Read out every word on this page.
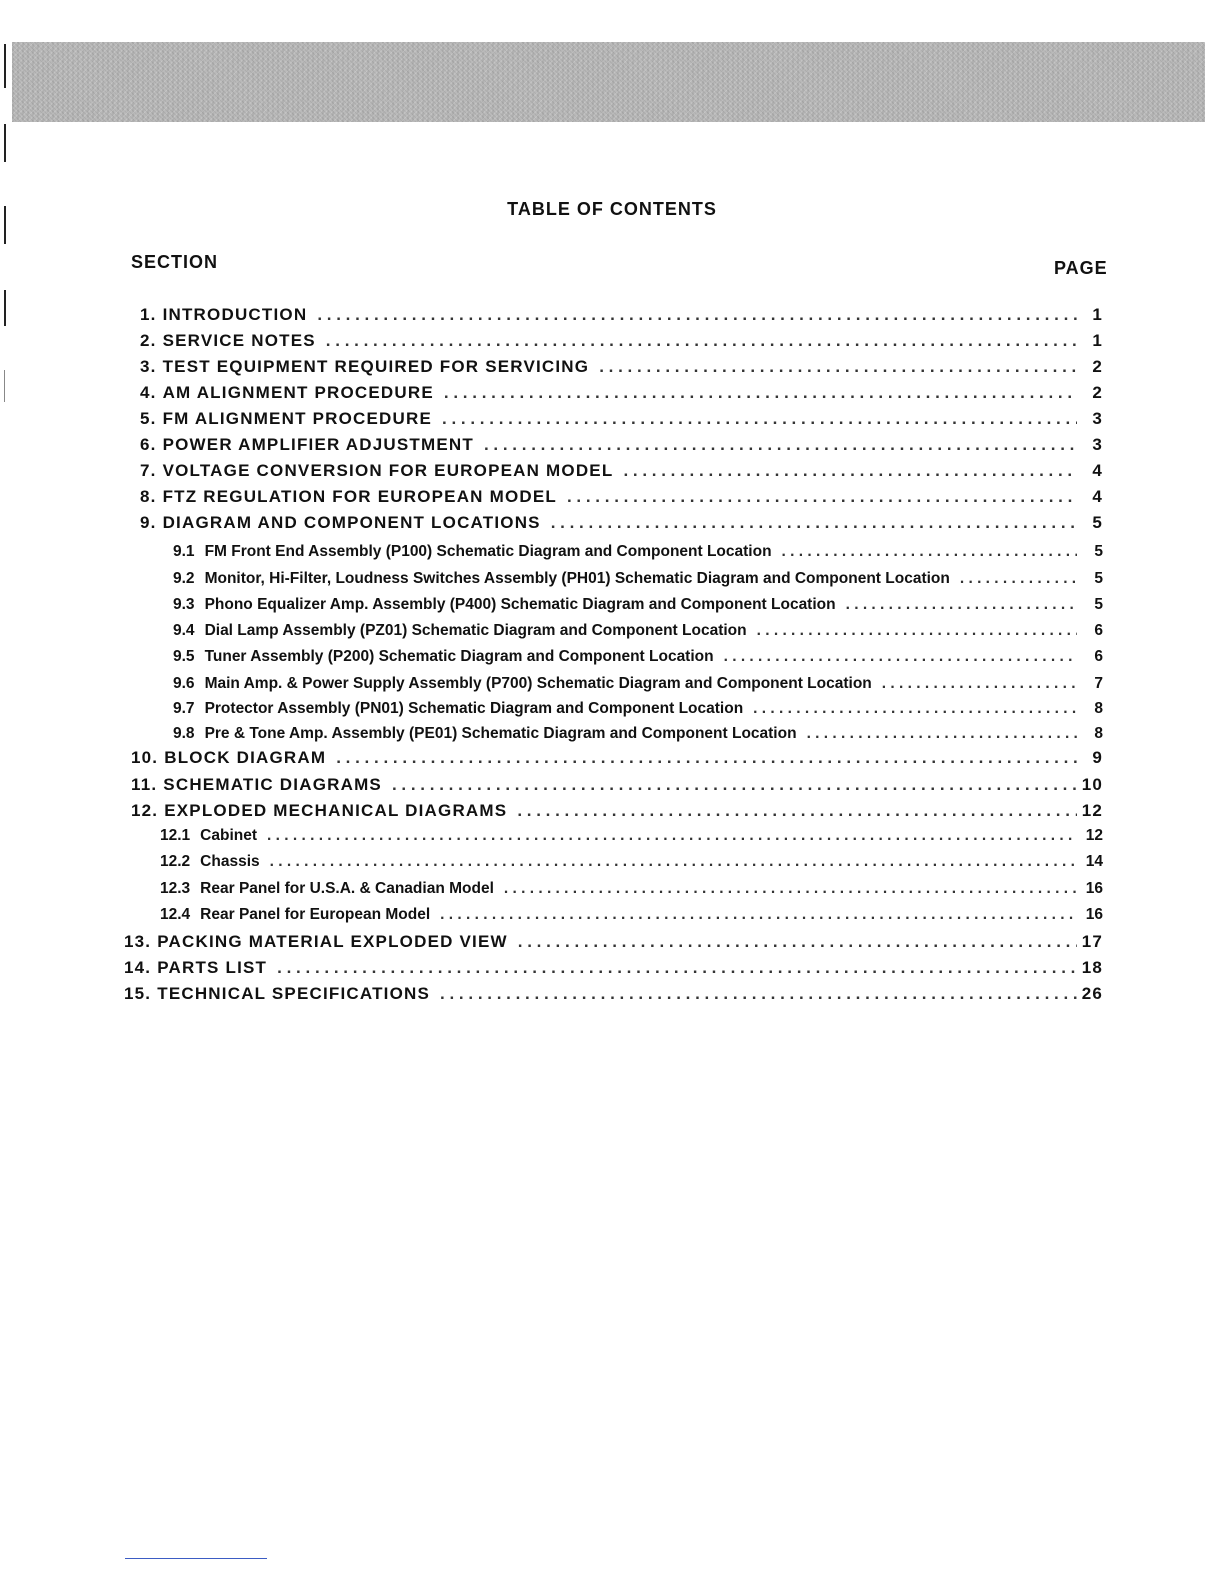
TABLE OF CONTENTS
SECTION	PAGE
1. INTRODUCTION . . .	1
2. SERVICE NOTES . . .	1
3. TEST EQUIPMENT REQUIRED FOR SERVICING . . .	2
4. AM ALIGNMENT PROCEDURE . . .	2
5. FM ALIGNMENT PROCEDURE . . .	3
6. POWER AMPLIFIER ADJUSTMENT . . .	3
7. VOLTAGE CONVERSION FOR EUROPEAN MODEL . . .	4
8. FTZ REGULATION FOR EUROPEAN MODEL . . .	4
9. DIAGRAM AND COMPONENT LOCATIONS . . .	5
9.1 FM Front End Assembly (P100) Schematic Diagram and Component Location . . .	5
9.2 Monitor, Hi-Filter, Loudness Switches Assembly (PH01) Schematic Diagram and Component Location . . .	5
9.3 Phono Equalizer Amp. Assembly (P400) Schematic Diagram and Component Location . . .	5
9.4 Dial Lamp Assembly (PZ01) Schematic Diagram and Component Location . . .	6
9.5 Tuner Assembly (P200) Schematic Diagram and Component Location . . .	6
9.6 Main Amp. & Power Supply Assembly (P700) Schematic Diagram and Component Location . . .	7
9.7 Protector Assembly (PN01) Schematic Diagram and Component Location . . .	8
9.8 Pre & Tone Amp. Assembly (PE01) Schematic Diagram and Component Location . . .	8
10. BLOCK DIAGRAM . . .	9
11. SCHEMATIC DIAGRAMS . . .	10
12. EXPLODED MECHANICAL DIAGRAMS . . .	12
12.1 Cabinet . . .	12
12.2 Chassis . . .	14
12.3 Rear Panel for U.S.A. & Canadian Model . . .	16
12.4 Rear Panel for European Model . . .	16
13. PACKING MATERIAL EXPLODED VIEW . . .	17
14. PARTS LIST . . .	18
15. TECHNICAL SPECIFICATIONS . . .	26
